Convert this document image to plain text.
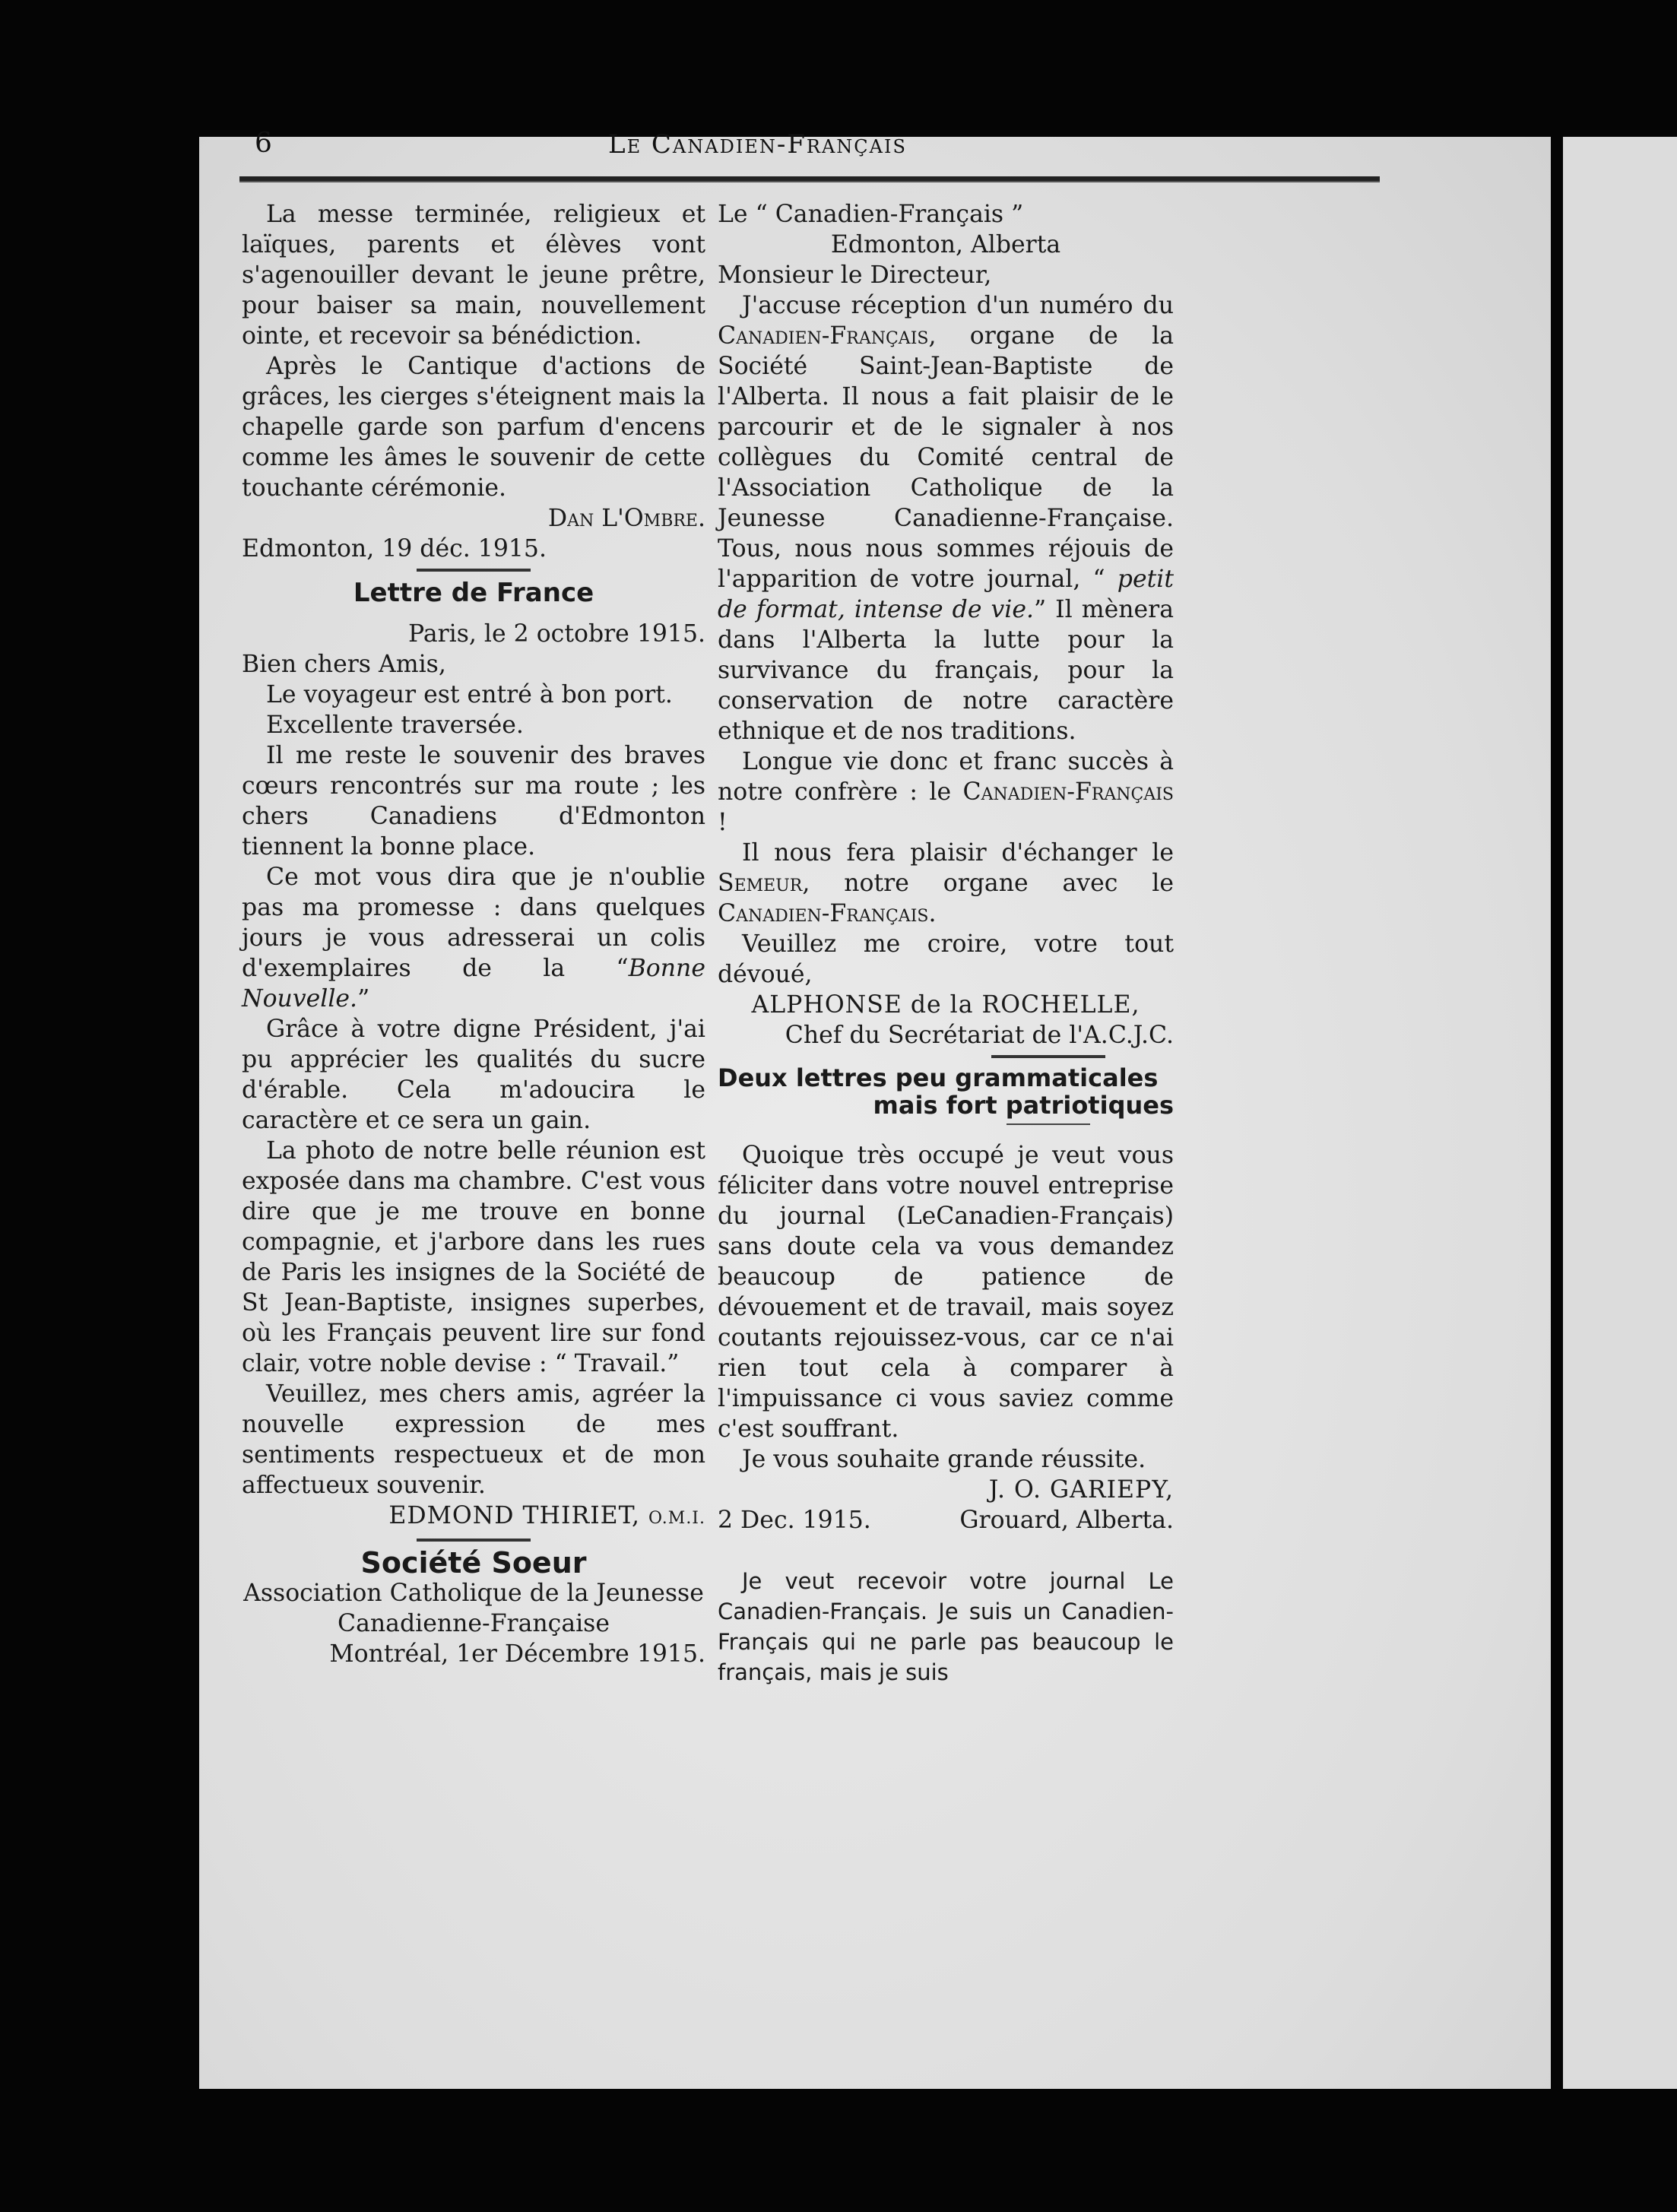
6	Le Canadien-Français

La messe terminée, religieux et laïques, parents et élèves vont s'agenouiller devant le jeune prêtre, pour baiser sa main, nouvellement ointe, et recevoir sa bénédiction.

Après le Cantique d'actions de grâces, les cierges s'éteignent mais la chapelle garde son parfum d'encens comme les âmes le souvenir de cette touchante cérémonie.

Dan L'Ombre.

Edmonton, 19 déc. 1915.

Lettre de France

Paris, le 2 octobre 1915.

Bien chers Amis,

Le voyageur est entré à bon port.

Excellente traversée.

Il me reste le souvenir des braves cœurs rencontrés sur ma route ; les chers Canadiens d'Edmonton tiennent la bonne place.

Ce mot vous dira que je n'oublie pas ma promesse : dans quelques jours je vous adresserai un colis d'exemplaires de la “Bonne Nouvelle.”

Grâce à votre digne Président, j'ai pu apprécier les qualités du sucre d'érable. Cela m'adoucira le caractère et ce sera un gain.

La photo de notre belle réunion est exposée dans ma chambre. C'est vous dire que je me trouve en bonne compagnie, et j'arbore dans les rues de Paris les insignes de la Société de St Jean-Baptiste, insignes superbes, où les Français peuvent lire sur fond clair, votre noble devise : “ Travail.”

Veuillez, mes chers amis, agréer la nouvelle expression de mes sentiments respectueux et de mon affectueux souvenir.

EDMOND THIRIET, O.M.I.

Société Soeur

Association Catholique de la Jeunesse Canadienne-Française

Montréal, 1er Décembre 1915.

Le “ Canadien-Français ”

Edmonton, Alberta

Monsieur le Directeur,

J'accuse réception d'un numéro du Canadien-Français, organe de la Société Saint-Jean-Baptiste de l'Alberta. Il nous a fait plaisir de le parcourir et de le signaler à nos collègues du Comité central de l'Association Catholique de la Jeunesse Canadienne-Française. Tous, nous nous sommes réjouis de l'apparition de votre journal, “ petit de format, intense de vie.” Il mènera dans l'Alberta la lutte pour la survivance du français, pour la conservation de notre caractère ethnique et de nos traditions.

Longue vie donc et franc succès à notre confrère : le Canadien-Français !

Il nous fera plaisir d'échanger le Semeur, notre organe avec le Canadien-Français.

Veuillez me croire, votre tout dévoué,

ALPHONSE de la ROCHELLE,

Chef du Secrétariat de l'A.C.J.C.

Deux lettres peu grammaticales

mais fort patriotiques

Quoique très occupé je veut vous féliciter dans votre nouvel entreprise du journal (LeCanadien-Français) sans doute cela va vous demandez beaucoup de patience de dévouement et de travail, mais soyez coutants rejouissez-vous, car ce n'ai rien tout cela à comparer à l'impuissance ci vous saviez comme c'est souffrant.

Je vous souhaite grande réussite.

J. O. GARIEPY,

2 Dec. 1915.	Grouard, Alberta.

Je veut recevoir votre journal Le Canadien-Français. Je suis un Canadien-Français qui ne parle pas beaucoup le français, mais je suis
